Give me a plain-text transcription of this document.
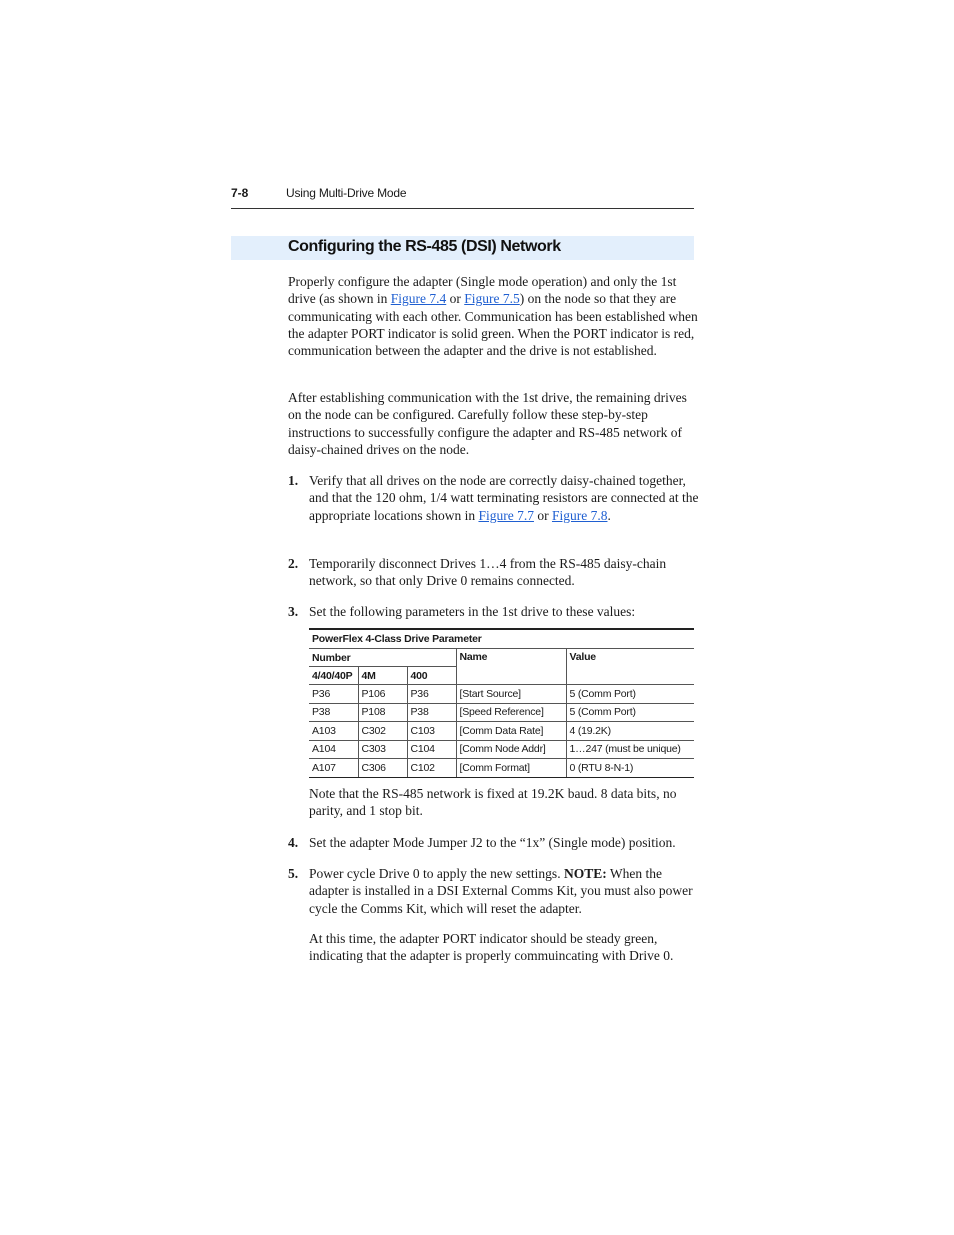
7-8	Using Multi-Drive Mode
Configuring the RS-485 (DSI) Network

Properly configure the adapter (Single mode operation) and only the 1st drive (as shown in Figure 7.4 or Figure 7.5) on the node so that they are communicating with each other. Communication has been established when the adapter PORT indicator is solid green. When the PORT indicator is red, communication between the adapter and the drive is not established.

After establishing communication with the 1st drive, the remaining drives on the node can be configured. Carefully follow these step-by-step instructions to successfully configure the adapter and RS-485 network of daisy-chained drives on the node.

1. Verify that all drives on the node are correctly daisy-chained together, and that the 120 ohm, 1/4 watt terminating resistors are connected at the appropriate locations shown in Figure 7.7 or Figure 7.8.

2. Temporarily disconnect Drives 1…4 from the RS-485 daisy-chain network, so that only Drive 0 remains connected.

3. Set the following parameters in the 1st drive to these values:

PowerFlex 4-Class Drive Parameter				
Number			Name	Value
4/40/40P	4M	400		
P36	P106	P36	[Start Source]	5 (Comm Port)
P38	P108	P38	[Speed Reference]	5 (Comm Port)
A103	C302	C103	[Comm Data Rate]	4 (19.2K)
A104	C303	C104	[Comm Node Addr]	1…247 (must be unique)
A107	C306	C102	[Comm Format]	0 (RTU 8-N-1)

Note that the RS-485 network is fixed at 19.2K baud. 8 data bits, no parity, and 1 stop bit.

4. Set the adapter Mode Jumper J2 to the “1x” (Single mode) position.

5. Power cycle Drive 0 to apply the new settings. NOTE: When the adapter is installed in a DSI External Comms Kit, you must also power cycle the Comms Kit, which will reset the adapter.

At this time, the adapter PORT indicator should be steady green, indicating that the adapter is properly commuincating with Drive 0.
